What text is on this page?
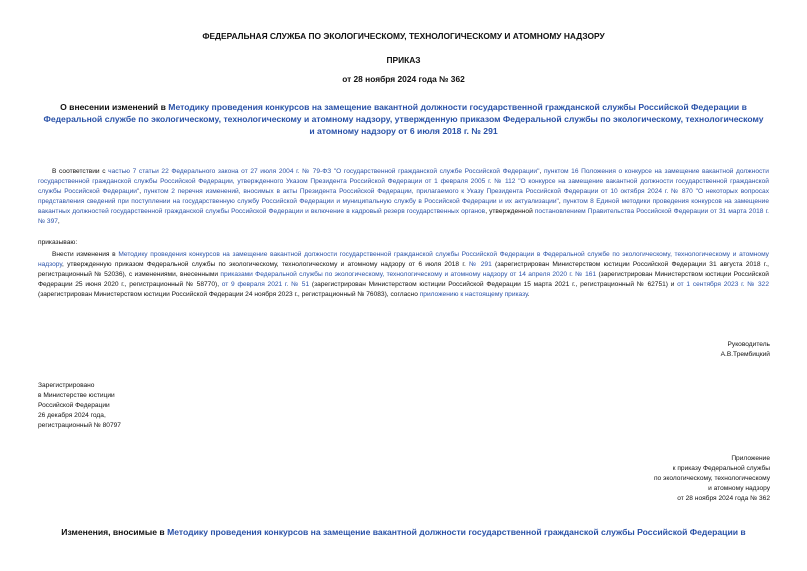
ФЕДЕРАЛЬНАЯ СЛУЖБА ПО ЭКОЛОГИЧЕСКОМУ, ТЕХНОЛОГИЧЕСКОМУ И АТОМНОМУ НАДЗОРУ
ПРИКАЗ
от 28 ноября 2024 года № 362
О внесении изменений в Методику проведения конкурсов на замещение вакантной должности государственной гражданской службы Российской Федерации в Федеральной службе по экологическому, технологическому и атомному надзору, утвержденную приказом Федеральной службы по экологическому, технологическому и атомному надзору от 6 июля 2018 г. № 291
В соответствии с частью 7 статьи 22 Федерального закона от 27 июля 2004 г. № 79-ФЗ "О государственной гражданской службе Российской Федерации", пунктом 16 Положения о конкурсе на замещение вакантной должности государственной гражданской службы Российской Федерации, утвержденного Указом Президента Российской Федерации от 1 февраля 2005 г. № 112 "О конкурсе на замещение вакантной должности государственной гражданской службы Российской Федерации", пунктом 2 перечня изменений, вносимых в акты Президента Российской Федерации, прилагаемого к Указу Президента Российской Федерации от 10 октября 2024 г. № 870 "О некоторых вопросах представления сведений при поступлении на государственную службу Российской Федерации и муниципальную службу в Российской Федерации и их актуализации", пунктом 8 Единой методики проведения конкурсов на замещение вакантных должностей государственной гражданской службы Российской Федерации и включение в кадровый резерв государственных органов, утвержденной постановлением Правительства Российской Федерации от 31 марта 2018 г. № 397,
приказываю:
Внести изменения в Методику проведения конкурсов на замещение вакантной должности государственной гражданской службы Российской Федерации в Федеральной службе по экологическому, технологическому и атомному надзору, утвержденную приказом Федеральной службы по экологическому, технологическому и атомному надзору от 6 июля 2018 г. № 291 (зарегистрирован Министерством юстиции Российской Федерации 31 августа 2018 г., регистрационный № 52036), с изменениями, внесенными приказами Федеральной службы по экологическому, технологическому и атомному надзору от 14 апреля 2020 г. № 161 (зарегистрирован Министерством юстиции Российской Федерации 25 июня 2020 г., регистрационный № 58770), от 9 февраля 2021 г. № 51 (зарегистрирован Министерством юстиции Российской Федерации 15 марта 2021 г., регистрационный № 62751) и от 1 сентября 2023 г. № 322 (зарегистрирован Министерством юстиции Российской Федерации 24 ноября 2023 г., регистрационный № 76083), согласно приложению к настоящему приказу.
Руководитель
А.В.Трембицкий
Зарегистрировано
в Министерстве юстиции
Российской Федерации
26 декабря 2024 года,
регистрационный № 80797
Приложение
к приказу Федеральной службы
по экологическому, технологическому
и атомному надзору
от 28 ноября 2024 года № 362
Изменения, вносимые в Методику проведения конкурсов на замещение вакантной должности государственной гражданской службы Российской Федерации в
